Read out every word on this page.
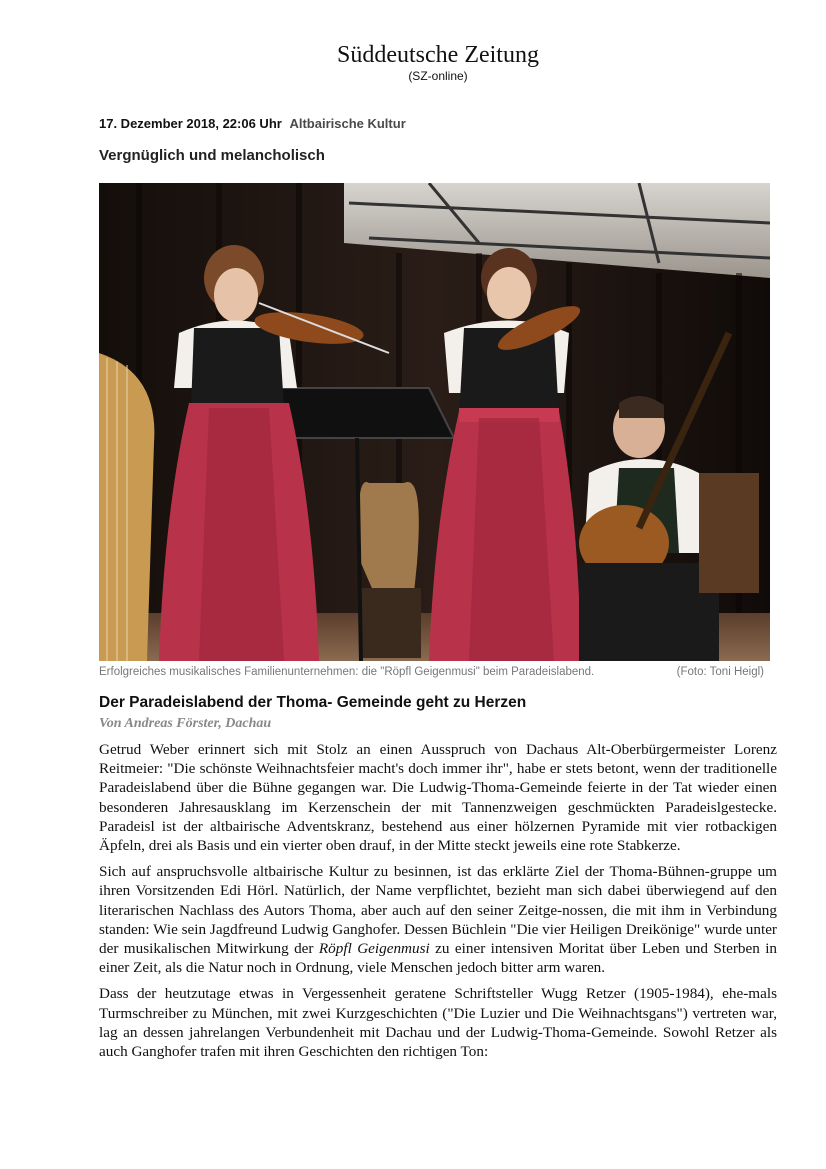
Süddeutsche Zeitung
(SZ-online)
17. Dezember 2018, 22:06 Uhr Altbairische Kultur
Vergnüglich und melancholisch
Erfolgreiches musikalisches Familienunternehmen: die "Röpfl Geigenmusi" beim Paradeislabend.	(Foto: Toni Heigl)
Der Paradeislabend der Thoma- Gemeinde geht zu Herzen
Von Andreas Förster, Dachau

Getrud Weber erinnert sich mit Stolz an einen Ausspruch von Dachaus Alt-Oberbürgermeister Lorenz Reitmeier: "Die schönste Weihnachtsfeier macht's doch immer ihr", habe er stets betont, wenn der traditionelle Paradeislabend über die Bühne gegangen war. Die Ludwig-Thoma-Gemeinde feierte in der Tat wieder einen besonderen Jahresausklang im Kerzenschein der mit Tannenzweigen geschmückten Paradeislgestecke. Paradeisl ist der altbairische Adventskranz, bestehend aus einer hölzernen Pyramide mit vier rotbackigen Äpfeln, drei als Basis und ein vierter oben drauf, in der Mitte steckt jeweils eine rote Stabkerze.

Sich auf anspruchsvolle altbairische Kultur zu besinnen, ist das erklärte Ziel der Thoma-Bühnen-gruppe um ihren Vorsitzenden Edi Hörl. Natürlich, der Name verpflichtet, bezieht man sich dabei überwiegend auf den literarischen Nachlass des Autors Thoma, aber auch auf den seiner Zeitge-nossen, die mit ihm in Verbindung standen: Wie sein Jagdfreund Ludwig Ganghofer. Dessen Büchlein "Die vier Heiligen Dreikönige" wurde unter der musikalischen Mitwirkung der Röpfl Geigenmusi zu einer intensiven Moritat über Leben und Sterben in einer Zeit, als die Natur noch in Ordnung, viele Menschen jedoch bitter arm waren.

Dass der heutzutage etwas in Vergessenheit geratene Schriftsteller Wugg Retzer (1905-1984), ehe-mals Turmschreiber zu München, mit zwei Kurzgeschichten ("Die Luzier und Die Weihnachtsgans") vertreten war, lag an dessen jahrelangen Verbundenheit mit Dachau und der Ludwig-Thoma-Gemeinde. Sowohl Retzer als auch Ganghofer trafen mit ihren Geschichten den richtigen Ton:
